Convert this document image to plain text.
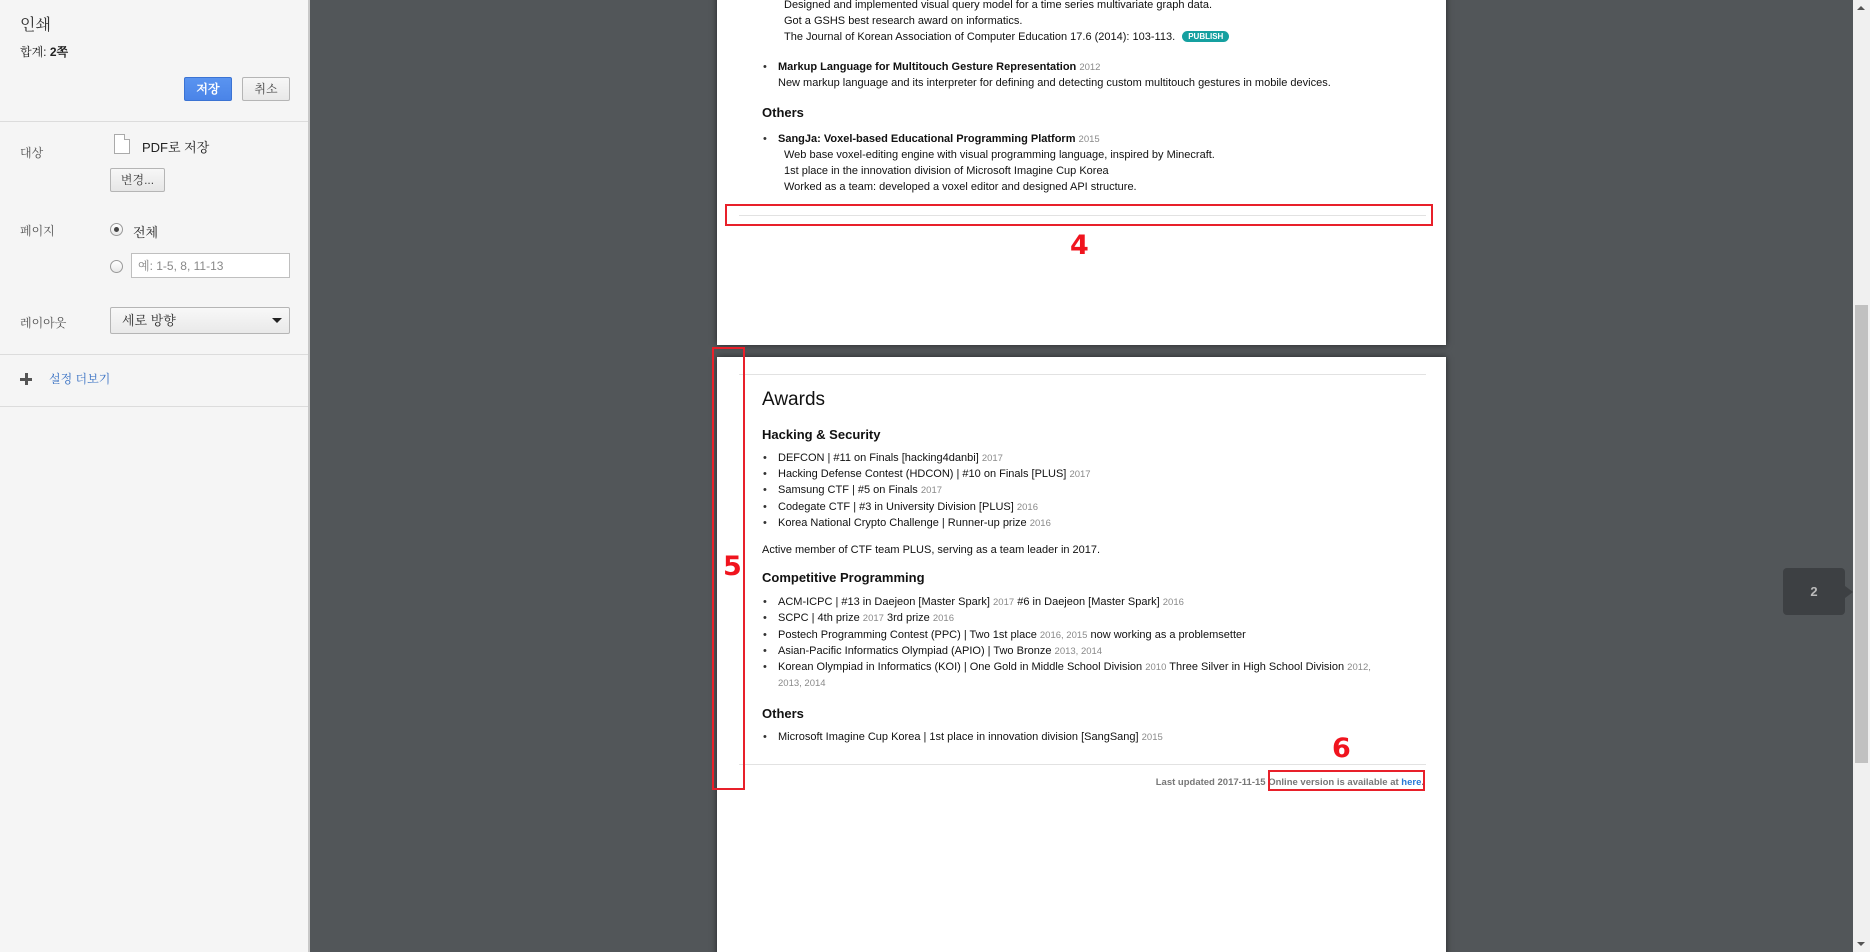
인쇄
합계: 2쪽
저장	취소
대상	PDF로 저장
변경...
페이지	전체
예: 1-5, 8, 11-13
레이아웃	세로 방향
설정 더보기
Designed and implemented visual query model for a time series multivariate graph data.
Got a GSHS best research award on informatics.
The Journal of Korean Association of Computer Education 17.6 (2014): 103-113. PUBLISH
• Markup Language for Multitouch Gesture Representation 2012
New markup language and its interpreter for defining and detecting custom multitouch gestures in mobile devices.
Others
• SangJa: Voxel-based Educational Programming Platform 2015
Web base voxel-editing engine with visual programming language, inspired by Minecraft.
1st place in the innovation division of Microsoft Imagine Cup Korea
Worked as a team: developed a voxel editor and designed API structure.
4
Awards
Hacking & Security
• DEFCON | #11 on Finals [hacking4danbi] 2017
• Hacking Defense Contest (HDCON) | #10 on Finals [PLUS] 2017
• Samsung CTF | #5 on Finals 2017
• Codegate CTF | #3 in University Division [PLUS] 2016
• Korea National Crypto Challenge | Runner-up prize 2016
Active member of CTF team PLUS, serving as a team leader in 2017.
Competitive Programming
• ACM-ICPC | #13 in Daejeon [Master Spark] 2017 #6 in Daejeon [Master Spark] 2016
• SCPC | 4th prize 2017 3rd prize 2016
• Postech Programming Contest (PPC) | Two 1st place 2016, 2015 now working as a problemsetter
• Asian-Pacific Informatics Olympiad (APIO) | Two Bronze 2013, 2014
• Korean Olympiad in Informatics (KOI) | One Gold in Middle School Division 2010 Three Silver in High School Division 2012,
2013, 2014
Others
• Microsoft Imagine Cup Korea | 1st place in innovation division [SangSang] 2015
Last updated 2017-11-15 Online version is available at here.
5
6
2
